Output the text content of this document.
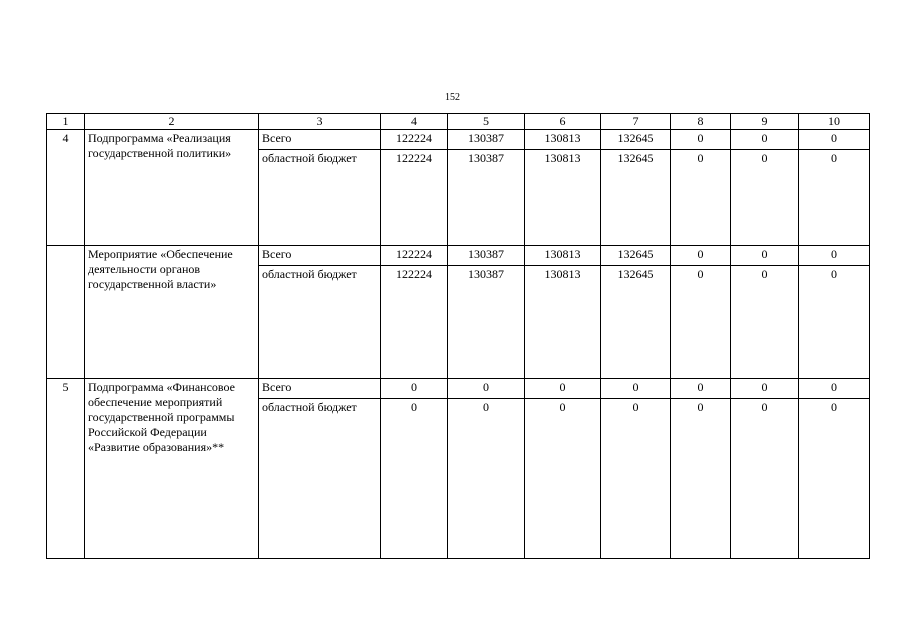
152
1	2	3	4	5	6	7	8	9	10
4	Подпрограмма «Реализация государственной политики»	Всего	122224	130387	130813	132645	0	0	0
		областной бюджет	122224	130387	130813	132645	0	0	0
	Мероприятие «Обеспечение деятельности органов государственной власти»	Всего	122224	130387	130813	132645	0	0	0
		областной бюджет	122224	130387	130813	132645	0	0	0
5	Подпрограмма «Финансовое обеспечение мероприятий государственной программы Российской Федерации «Развитие образования»**	Всего	0	0	0	0	0	0	0
		областной бюджет	0	0	0	0	0	0	0
